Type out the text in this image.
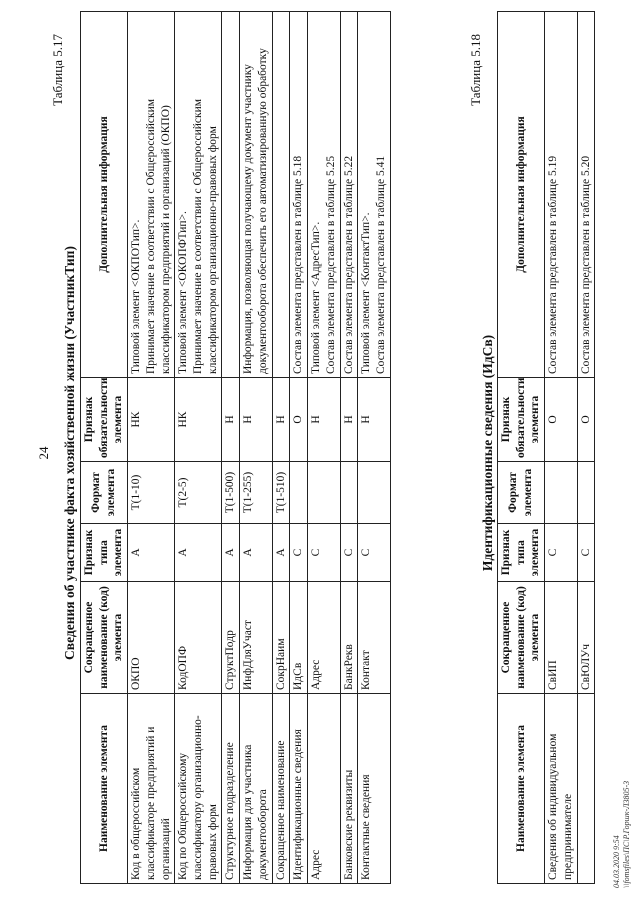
24
Таблица 5.17
Сведения об участнике факта хозяйственной жизни (УчастникТип)
Наименование элемента	Сокращенное наименование (код) элемента	Признак типа элемента	Формат элемента	Признак обязательности элемента	Дополнительная информация
Код в общероссийском классификаторе предприятий и организаций	ОКПО	А	Т(1-10)	НК	Типовой элемент <ОКПОТип>.
Принимает значение в соответствии с Общероссийским классификатором предприятий и организаций (ОКПО)
Код по Общероссийскому классификатору организационно-правовых форм	КодОПФ	А	Т(2-5)	НК	Типовой элемент <ОКОПФТип>.
Принимает значение в соответствии с Общероссийским классификатором организационно-правовых форм
Структурное подразделение	СтруктПодр	А	Т(1-500)	Н	
Информация для участника документооборота	ИнфДляУчаст	А	Т(1-255)	Н	Информация, позволяющая получающему документ участнику документооборота обеспечить его автоматизированную обработку
Сокращенное наименование	СокрНаим	А	Т(1-510)	Н	
Идентификационные сведения	ИдСв	С		О	Состав элемента представлен в таблице 5.18
Адрес	Адрес	С		Н	Типовой элемент <АдресТип>.
Состав элемента представлен в таблице 5.25
Банковские реквизиты	БанкРекв	С		Н	Состав элемента представлен в таблице 5.22
Контактные сведения	Контакт	С		Н	Типовой элемент <КонтактТип>.
Состав элемента представлен в таблице 5.41
Таблица 5.18
Идентификационные сведения (ИдСв)
Наименование элемента	Сокращенное наименование (код) элемента	Признак типа элемента	Формат элемента	Признак обязательности элемента	Дополнительная информация
Сведения об индивидуальном предпринимателе	СвИП	С		О	Состав элемента представлен в таблице 5.19
	СвЮЛУч	С		О	Состав элемента представлен в таблице 5.20
04.03.2020 9:54 \\fomsfiles\ПС\Р.Горшк-ЛЗ805-3
